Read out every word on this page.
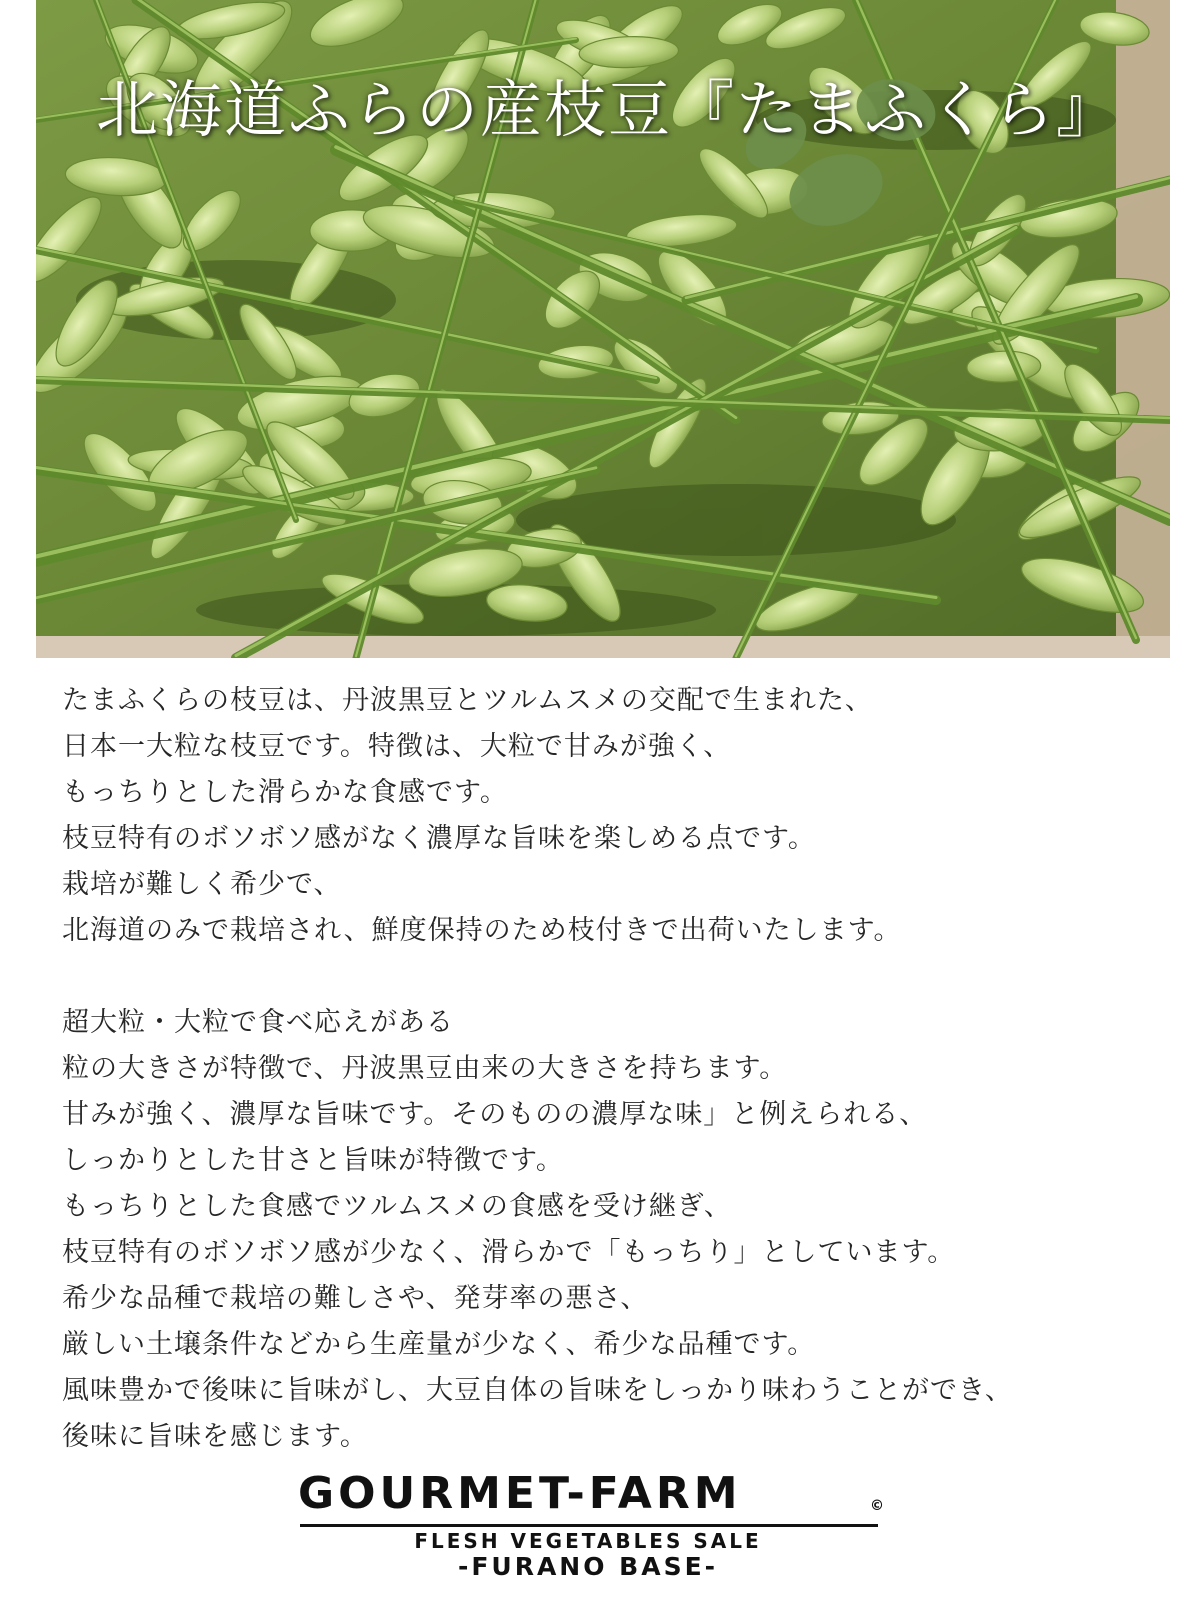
北海道ふらの産枝豆『たまふくら』
たまふくらの枝豆は、丹波黒豆とツルムスメの交配で生まれた、
日本一大粒な枝豆です。特徴は、大粒で甘みが強く、
もっちりとした滑らかな食感です。
枝豆特有のボソボソ感がなく濃厚な旨味を楽しめる点です。
栽培が難しく希少で、
北海道のみで栽培され、鮮度保持のため枝付きで出荷いたします。
超大粒・大粒で食べ応えがある
粒の大きさが特徴で、丹波黒豆由来の大きさを持ちます。
甘みが強く、濃厚な旨味です。そのものの濃厚な味」と例えられる、
しっかりとした甘さと旨味が特徴です。
もっちりとした食感でツルムスメの食感を受け継ぎ、
枝豆特有のボソボソ感が少なく、滑らかで「もっちり」としています。
希少な品種で栽培の難しさや、発芽率の悪さ、
厳しい土壌条件などから生産量が少なく、希少な品種です。
風味豊かで後味に旨味がし、大豆自体の旨味をしっかり味わうことができ、
後味に旨味を感じます。
GOURMET-FARM	©
FLESH VEGETABLES SALE
-FURANO BASE-
